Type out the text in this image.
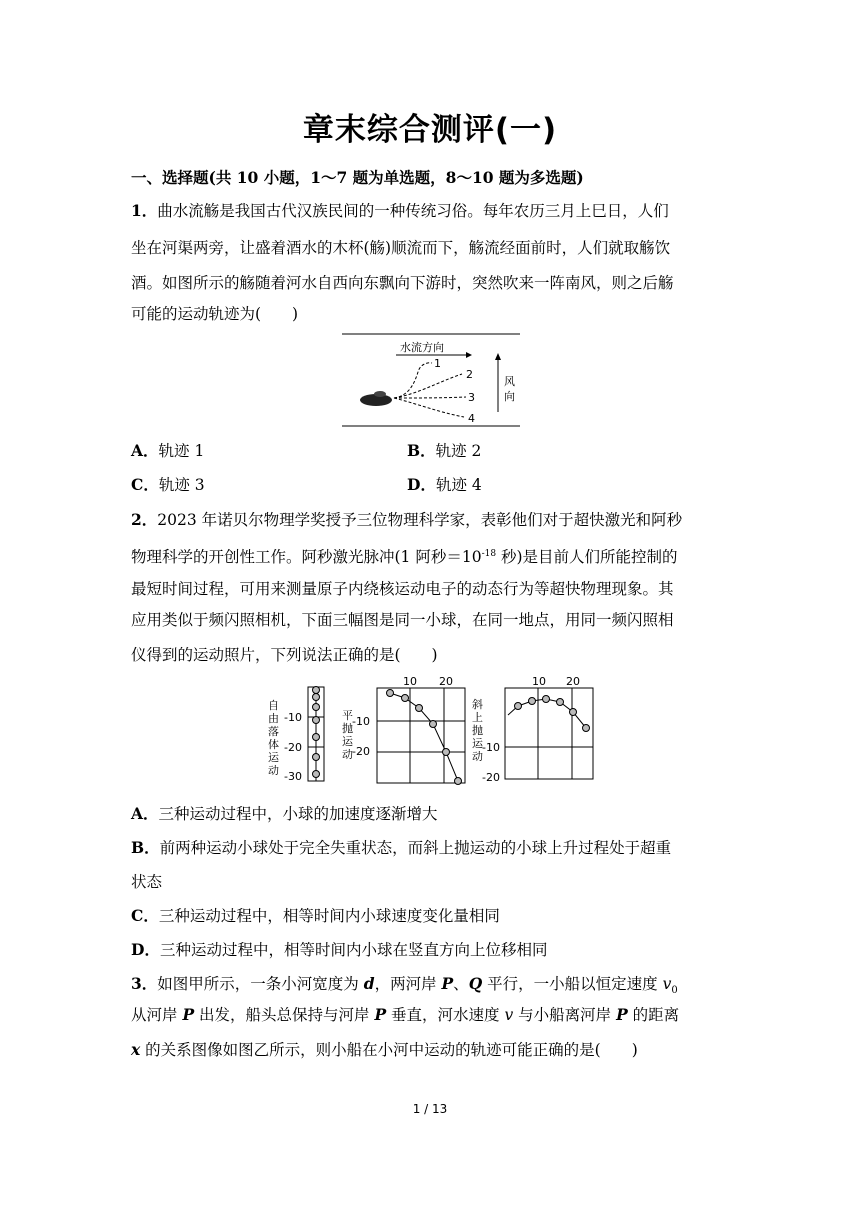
章末综合测评(一)
一、选择题(共 10 小题，1～7 题为单选题，8～10 题为多选题)
1．曲水流觞是我国古代汉族民间的一种传统习俗。每年农历三月上巳日，人们
坐在河渠两旁，让盛着酒水的木杯(觞)顺流而下，觞流经面前时，人们就取觞饮
酒。如图所示的觞随着河水自西向东飘向下游时，突然吹来一阵南风，则之后觞
可能的运动轨迹为(　　)
水流方向
1
2
3
4
风
向
A．轨迹 1	B．轨迹 2
C．轨迹 3	D．轨迹 4
2．2023 年诺贝尔物理学奖授予三位物理科学家，表彰他们对于超快激光和阿秒
物理科学的开创性工作。阿秒激光脉冲(1 阿秒$=10^{-18}$ 秒)是目前人们所能控制的
最短时间过程，可用来测量原子内绕核运动电子的动态行为等超快物理现象。其
应用类似于频闪照相机，下面三幅图是同一小球，在同一地点，用同一频闪照相
仪得到的运动照片，下列说法正确的是(　　)
自
由
落
体
运
动
-10
-20
-30
平
抛
运
动
-10
-20
10 20
斜
上
抛
运
动
-10
-20
10 20
A．三种运动过程中，小球的加速度逐渐增大
B．前两种运动小球处于完全失重状态，而斜上抛运动的小球上升过程处于超重
状态
C．三种运动过程中，相等时间内小球速度变化量相同
D．三种运动过程中，相等时间内小球在竖直方向上位移相同
3．如图甲所示，一条小河宽度为 d，两河岸 P、Q 平行，一小船以恒定速度 $v_0$
从河岸 P 出发，船头总保持与河岸 P 垂直，河水速度 v 与小船离河岸 P 的距离
x 的关系图像如图乙所示，则小船在小河中运动的轨迹可能正确的是(　　)
1 / 13
